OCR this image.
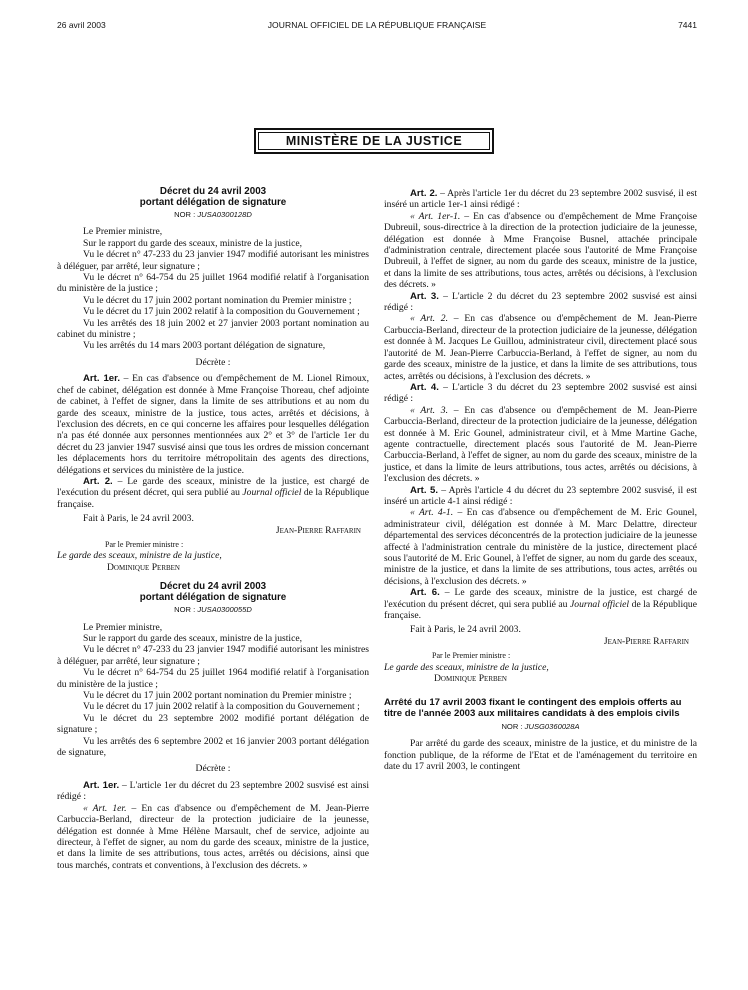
26 avril 2003	JOURNAL OFFICIEL DE LA RÉPUBLIQUE FRANÇAISE	7441
MINISTÈRE DE LA JUSTICE
Décret du 24 avril 2003
portant délégation de signature
NOR : JUSA0300128D

Le Premier ministre,

Sur le rapport du garde des sceaux, ministre de la justice,

Vu le décret n° 47-233 du 23 janvier 1947 modifié autorisant les ministres à déléguer, par arrêté, leur signature ;

Vu le décret n° 64-754 du 25 juillet 1964 modifié relatif à l'organisation du ministère de la justice ;

Vu le décret du 17 juin 2002 portant nomination du Premier ministre ;

Vu le décret du 17 juin 2002 relatif à la composition du Gouvernement ;

Vu les arrêtés des 18 juin 2002 et 27 janvier 2003 portant nomination au cabinet du ministre ;

Vu les arrêtés du 14 mars 2003 portant délégation de signature,

Décrète :

Art. 1er. – En cas d'absence ou d'empêchement de M. Lionel Rimoux, chef de cabinet, délégation est donnée à Mme Françoise Thoreau, chef adjointe de cabinet, à l'effet de signer, dans la limite de ses attributions et au nom du garde des sceaux, ministre de la justice, tous actes, arrêtés et décisions, à l'exclusion des décrets, en ce qui concerne les affaires pour lesquelles délégation n'a pas été donnée aux personnes mentionnées aux 2° et 3° de l'article 1er du décret du 23 janvier 1947 susvisé ainsi que tous les ordres de mission concernant les déplacements hors du territoire métropolitain des agents des directions, délégations et services du ministère de la justice.

Art. 2. – Le garde des sceaux, ministre de la justice, est chargé de l'exécution du présent décret, qui sera publié au Journal officiel de la République française.

Fait à Paris, le 24 avril 2003.

Jean-Pierre Raffarin

Par le Premier ministre :

Le garde des sceaux, ministre de la justice,

Dominique Perben

Décret du 24 avril 2003
portant délégation de signature
NOR : JUSA0300055D

Le Premier ministre,

Sur le rapport du garde des sceaux, ministre de la justice,

Vu le décret n° 47-233 du 23 janvier 1947 modifié autorisant les ministres à déléguer, par arrêté, leur signature ;

Vu le décret n° 64-754 du 25 juillet 1964 modifié relatif à l'organisation du ministère de la justice ;

Vu le décret du 17 juin 2002 portant nomination du Premier ministre ;

Vu le décret du 17 juin 2002 relatif à la composition du Gouvernement ;

Vu le décret du 23 septembre 2002 modifié portant délégation de signature ;

Vu les arrêtés des 6 septembre 2002 et 16 janvier 2003 portant délégation de signature,

Décrète :

Art. 1er. – L'article 1er du décret du 23 septembre 2002 susvisé est ainsi rédigé :

« Art. 1er. – En cas d'absence ou d'empêchement de M. Jean-Pierre Carbuccia-Berland, directeur de la protection judiciaire de la jeunesse, délégation est donnée à Mme Hélène Marsault, chef de service, adjointe au directeur, à l'effet de signer, au nom du garde des sceaux, ministre de la justice, et dans la limite de ses attributions, tous actes, arrêtés ou décisions, ainsi que tous marchés, contrats et conventions, à l'exclusion des décrets. »

Art. 2. – Après l'article 1er du décret du 23 septembre 2002 susvisé, il est inséré un article 1er-1 ainsi rédigé :

« Art. 1er-1. – En cas d'absence ou d'empêchement de Mme Françoise Dubreuil, sous-directrice à la direction de la protection judiciaire de la jeunesse, délégation est donnée à Mme Françoise Busnel, attachée principale d'administration centrale, directement placée sous l'autorité de Mme Françoise Dubreuil, à l'effet de signer, au nom du garde des sceaux, ministre de la justice, et dans la limite de ses attributions, tous actes, arrêtés ou décisions, à l'exclusion des décrets. »

Art. 3. – L'article 2 du décret du 23 septembre 2002 susvisé est ainsi rédigé :

« Art. 2. – En cas d'absence ou d'empêchement de M. Jean-Pierre Carbuccia-Berland, directeur de la protection judiciaire de la jeunesse, délégation est donnée à M. Jacques Le Guillou, administrateur civil, directement placé sous l'autorité de M. Jean-Pierre Carbuccia-Berland, à l'effet de signer, au nom du garde des sceaux, ministre de la justice, et dans la limite de ses attributions, tous actes, arrêtés ou décisions, à l'exclusion des décrets. »

Art. 4. – L'article 3 du décret du 23 septembre 2002 susvisé est ainsi rédigé :

« Art. 3. – En cas d'absence ou d'empêchement de M. Jean-Pierre Carbuccia-Berland, directeur de la protection judiciaire de la jeunesse, délégation est donnée à M. Eric Gounel, administrateur civil, et à Mme Martine Gache, agente contractuelle, directement placés sous l'autorité de M. Jean-Pierre Carbuccia-Berland, à l'effet de signer, au nom du garde des sceaux, ministre de la justice, et dans la limite de leurs attributions, tous actes, arrêtés ou décisions, à l'exclusion des décrets. »

Art. 5. – Après l'article 4 du décret du 23 septembre 2002 susvisé, il est inséré un article 4-1 ainsi rédigé :

« Art. 4-1. – En cas d'absence ou d'empêchement de M. Eric Gounel, administrateur civil, délégation est donnée à M. Marc Delattre, directeur départemental des services déconcentrés de la protection judiciaire de la jeunesse affecté à l'administration centrale du ministère de la justice, directement placé sous l'autorité de M. Eric Gounel, à l'effet de signer, au nom du garde des sceaux, ministre de la justice, et dans la limite de ses attributions, tous actes, arrêtés ou décisions, à l'exclusion des décrets. »

Art. 6. – Le garde des sceaux, ministre de la justice, est chargé de l'exécution du présent décret, qui sera publié au Journal officiel de la République française.

Fait à Paris, le 24 avril 2003.

Jean-Pierre Raffarin

Par le Premier ministre :

Le garde des sceaux, ministre de la justice,

Dominique Perben

Arrêté du 17 avril 2003 fixant le contingent des emplois offerts au titre de l'année 2003 aux militaires candidats à des emplois civils
NOR : JUSG0360028A

Par arrêté du garde des sceaux, ministre de la justice, et du ministre de la fonction publique, de la réforme de l'Etat et de l'aménagement du territoire en date du 17 avril 2003, le contingent
